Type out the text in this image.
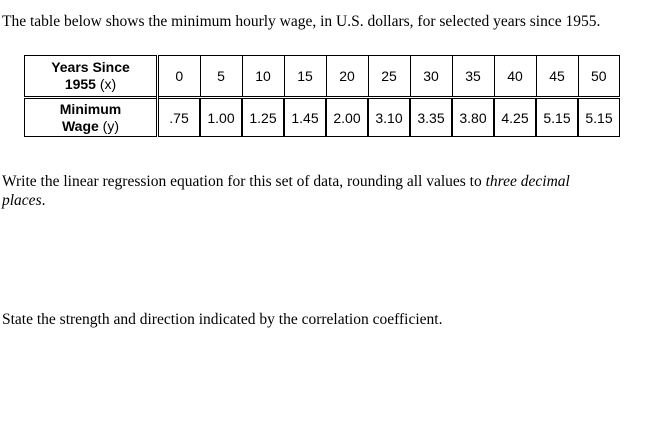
The table below shows the minimum hourly wage, in U.S. dollars, for selected years since 1955.
Years Since
1955 (x)	0	5	10	15	20	25	30	35	40	45	50
Minimum
Wage (y)	.75	1.00	1.25	1.45	2.00	3.10	3.35	3.80	4.25	5.15	5.15
Write the linear regression equation for this set of data, rounding all values to three decimal
places.
State the strength and direction indicated by the correlation coefficient.
